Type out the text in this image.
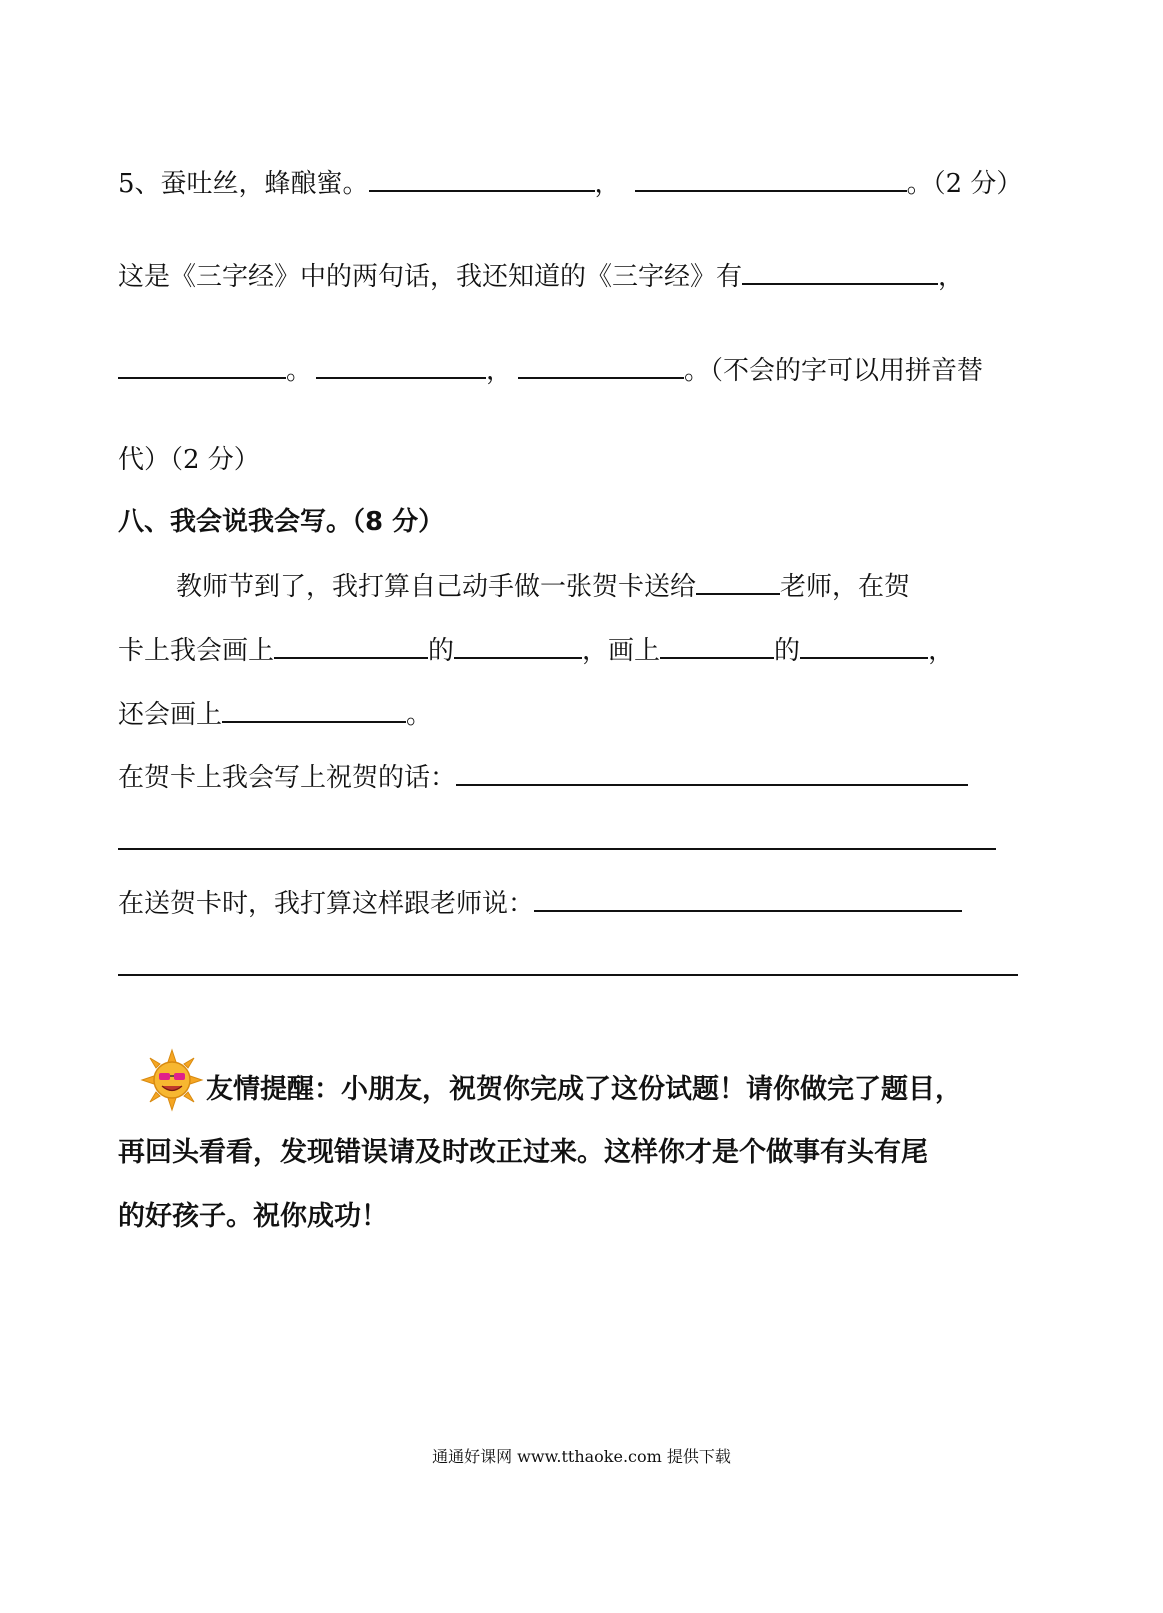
5、蚕吐丝，蜂酿蜜。	，	。（2 分）
这是《三字经》中的两句话，我还知道的《三字经》有	，
。	，	。（不会的字可以用拼音替
代）（2 分）
八、我会说我会写。（8 分）
教师节到了，我打算自己动手做一张贺卡送给	老师，在贺
卡上我会画上	的	，画上	的	，
还会画上	。
在贺卡上我会写上祝贺的话：
在送贺卡时，我打算这样跟老师说：
友情提醒：小朋友，祝贺你完成了这份试题！请你做完了题目，
再回头看看，发现错误请及时改正过来。这样你才是个做事有头有尾
的好孩子。祝你成功！
通通好课网 www.tthaoke.com 提供下载
